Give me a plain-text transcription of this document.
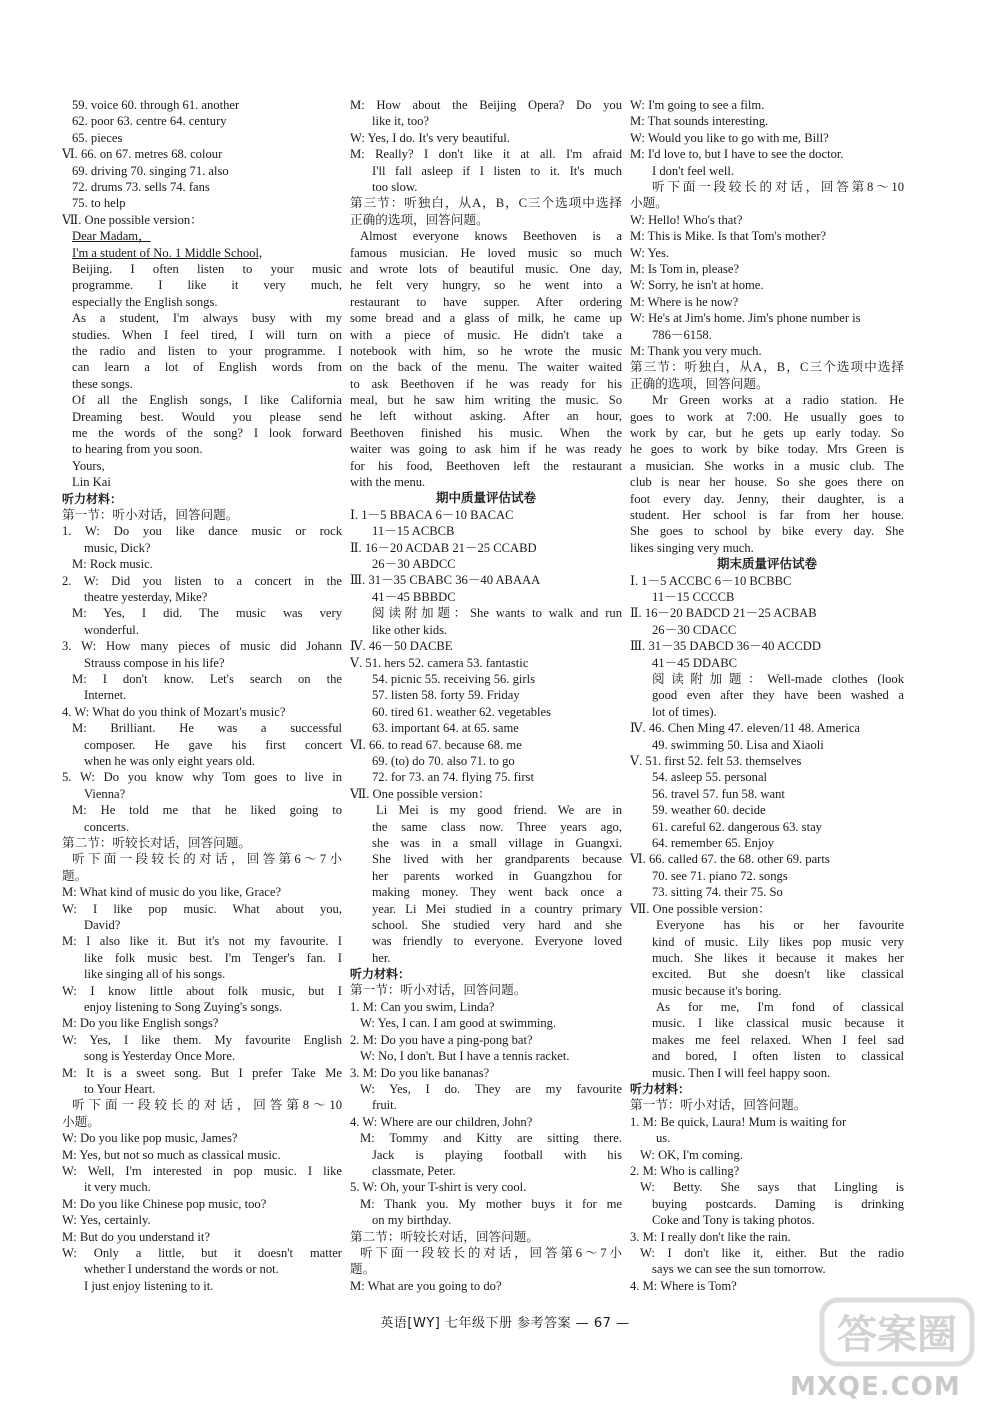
59. voice 60. through 61. another
62. poor 63. centre 64. century
65. pieces
Ⅵ. 66. on 67. metres 68. colour
69. driving 70. singing 71. also
72. drums 73. sells 74. fans
75. to help
Ⅶ. One possible version：
Dear Madam，
I'm a student of No. 1 Middle School,
Beijing. I often listen to your music
programme. I like it very much,
especially the English songs.
As a student, I'm always busy with my
studies. When I feel tired, I will turn on
the radio and listen to your programme. I
can learn a lot of English words from
these songs.
Of all the English songs, I like California
Dreaming best. Would you please send
me the words of the song? I look forward
to hearing from you soon.
Yours,
Lin Kai
听力材料：
第一节：听小对话，回答问题。
1. W: Do you like dance music or rock
music, Dick?
M: Rock music.
2. W: Did you listen to a concert in the
theatre yesterday, Mike?
M: Yes, I did. The music was very
wonderful.
3. W: How many pieces of music did Johann
Strauss compose in his life?
M: I don't know. Let's search on the
Internet.
4. W: What do you think of Mozart's music?
M: Brilliant. He was a successful
composer. He gave his first concert
when he was only eight years old.
5. W: Do you know why Tom goes to live in
Vienna?
M: He told me that he liked going to
concerts.
第二节：听较长对话，回答问题。
听下面一段较长的对话，回答第6～7小
题。
M: What kind of music do you like, Grace?
W: I like pop music. What about you,
David?
M: I also like it. But it's not my favourite. I
like folk music best. I'm Tenger's fan. I
like singing all of his songs.
W: I know little about folk music, but I
enjoy listening to Song Zuying's songs.
M: Do you like English songs?
W: Yes, I like them. My favourite English
song is Yesterday Once More.
M: It is a sweet song. But I prefer Take Me
to Your Heart.
听下面一段较长的对话，回答第8～10
小题。
W: Do you like pop music, James?
M: Yes, but not so much as classical music.
W: Well, I'm interested in pop music. I like
it very much.
M: Do you like Chinese pop music, too?
W: Yes, certainly.
M: But do you understand it?
W: Only a little, but it doesn't matter
whether I understand the words or not.
I just enjoy listening to it.
M: How about the Beijing Opera? Do you
like it, too?
W: Yes, I do. It's very beautiful.
M: Really? I don't like it at all. I'm afraid
I'll fall asleep if I listen to it. It's much
too slow.
第三节：听独白，从A，B，C三个选项中选择
正确的选项，回答问题。
Almost everyone knows Beethoven is a
famous musician. He loved music so much
and wrote lots of beautiful music. One day,
he felt very hungry, so he went into a
restaurant to have supper. After ordering
some bread and a glass of milk, he came up
with a piece of music. He didn't take a
notebook with him, so he wrote the music
on the back of the menu. The waiter waited
to ask Beethoven if he was ready for his
meal, but he saw him writing the music. So
he left without asking. After an hour,
Beethoven finished his music. When the
waiter was going to ask him if he was ready
for his food, Beethoven left the restaurant
with the menu.
期中质量评估试卷
Ⅰ. 1－5 BBACA 6－10 BACAC
11－15 ACBCB
Ⅱ. 16－20 ACDAB 21－25 CCABD
26－30 ABDCC
Ⅲ. 31－35 CBABC 36－40 ABAAA
41－45 BBBDC
阅读附加题：She wants to walk and run
like other kids.
Ⅳ. 46－50 DACBE
Ⅴ. 51. hers 52. camera 53. fantastic
54. picnic 55. receiving 56. girls
57. listen 58. forty 59. Friday
60. tired 61. weather 62. vegetables
63. important 64. at 65. same
Ⅵ. 66. to read 67. because 68. me
69. (to) do 70. also 71. to go
72. for 73. an 74. flying 75. first
Ⅶ. One possible version：
Li Mei is my good friend. We are in
the same class now. Three years ago,
she was in a small village in Guangxi.
She lived with her grandparents because
her parents worked in Guangzhou for
making money. They went back once a
year. Li Mei studied in a country primary
school. She studied very hard and she
was friendly to everyone. Everyone loved
her.
听力材料：
第一节：听小对话，回答问题。
1. M: Can you swim, Linda?
W: Yes, I can. I am good at swimming.
2. M: Do you have a ping-pong bat?
W: No, I don't. But I have a tennis racket.
3. M: Do you like bananas?
W: Yes, I do. They are my favourite
fruit.
4. W: Where are our children, John?
M: Tommy and Kitty are sitting there.
Jack is playing football with his
classmate, Peter.
5. W: Oh, your T-shirt is very cool.
M: Thank you. My mother buys it for me
on my birthday.
第二节：听较长对话，回答问题。
听下面一段较长的对话，回答第6～7小
题。
M: What are you going to do?
W: I'm going to see a film.
M: That sounds interesting.
W: Would you like to go with me, Bill?
M: I'd love to, but I have to see the doctor.
I don't feel well.
听下面一段较长的对话，回答第8～10
小题。
W: Hello! Who's that?
M: This is Mike. Is that Tom's mother?
W: Yes.
M: Is Tom in, please?
W: Sorry, he isn't at home.
M: Where is he now?
W: He's at Jim's home. Jim's phone number is
786－6158.
M: Thank you very much.
第三节：听独白，从A，B，C三个选项中选择
正确的选项，回答问题。
Mr Green works at a radio station. He
goes to work at 7:00. He usually goes to
work by car, but he gets up early today. So
he goes to work by bike today. Mrs Green is
a musician. She works in a music club. The
club is near her house. So she goes there on
foot every day. Jenny, their daughter, is a
student. Her school is far from her house.
She goes to school by bike every day. She
likes singing very much.
期末质量评估试卷
Ⅰ. 1－5 ACCBC 6－10 BCBBC
11－15 CCCCB
Ⅱ. 16－20 BADCD 21－25 ACBAB
26－30 CDACC
Ⅲ. 31－35 DABCD 36－40 ACCDD
41－45 DDABC
阅读附加题：Well-made clothes (look
good even after they have been washed a
lot of times).
Ⅳ. 46. Chen Ming 47. eleven/11 48. America
49. swimming 50. Lisa and Xiaoli
Ⅴ. 51. first 52. felt 53. themselves
54. asleep 55. personal
56. travel 57. fun 58. want
59. weather 60. decide
61. careful 62. dangerous 63. stay
64. remember 65. Enjoy
Ⅵ. 66. called 67. the 68. other 69. parts
70. see 71. piano 72. songs
73. sitting 74. their 75. So
Ⅶ. One possible version：
Everyone has his or her favourite
kind of music. Lily likes pop music very
much. She likes it because it makes her
excited. But she doesn't like classical
music because it's boring.
As for me, I'm fond of classical
music. I like classical music because it
makes me feel relaxed. When I feel sad
and bored, I often listen to classical
music. Then I will feel happy soon.
听力材料：
第一节：听小对话，回答问题。
1. M: Be quick, Laura! Mum is waiting for
us.
W: OK, I'm coming.
2. M: Who is calling?
W: Betty. She says that Lingling is
buying postcards. Daming is drinking
Coke and Tony is taking photos.
3. M: I really don't like the rain.
W: I don't like it, either. But the radio
says we can see the sun tomorrow.
4. M: Where is Tom?
英语[WY] 七年级下册 参考答案 — 67 —	答案圈
MXQE.COM
